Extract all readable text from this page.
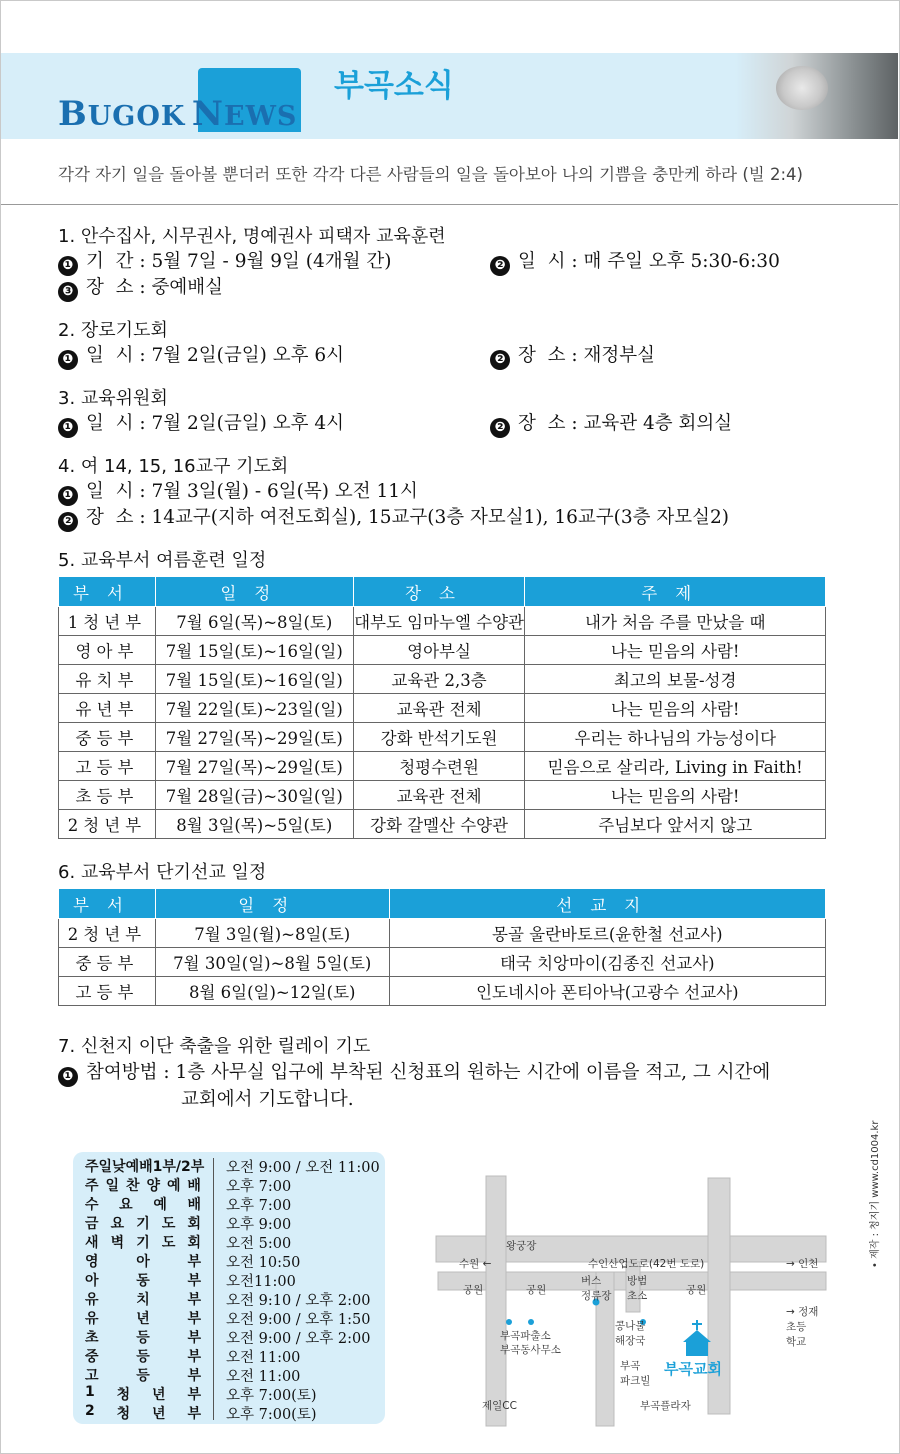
BUGOK NEWS
부곡소식
각각 자기 일을 돌아볼 뿐더러 또한 각각 다른 사람들의 일을 돌아보아 나의 기쁨을 충만케 하라 (빌 2:4)
1. 안수집사, 시무권사, 명예권사 피택자 교육훈련
❶ 기  간 : 5월 7일 - 9월 9일 (4개월 간)	❷ 일  시 : 매 주일 오후 5:30-6:30
❸ 장  소 : 중예배실
2. 장로기도회
❶ 일  시 : 7월 2일(금일) 오후 6시	❷ 장  소 : 재정부실
3. 교육위원회
❶ 일  시 : 7월 2일(금일) 오후 4시	❷ 장  소 : 교육관 4층 회의실
4. 여 14, 15, 16교구 기도회
❶ 일  시 : 7월 3일(월) - 6일(목) 오전 11시
❷ 장  소 : 14교구(지하 여전도회실), 15교구(3층 자모실1), 16교구(3층 자모실2)
5. 교육부서 여름훈련 일정
부서	일정	장소	주제
1청년부	7월 6일(목)~8일(토)	대부도 임마누엘 수양관	내가 처음 주를 만났을 때
영아부	7월 15일(토)~16일(일)	영아부실	나는 믿음의 사람!
유치부	7월 15일(토)~16일(일)	교육관 2,3층	최고의 보물-성경
유년부	7월 22일(토)~23일(일)	교육관 전체	나는 믿음의 사람!
중등부	7월 27일(목)~29일(토)	강화 반석기도원	우리는 하나님의 가능성이다
고등부	7월 27일(목)~29일(토)	청평수련원	믿음으로 살리라, Living in Faith!
초등부	7월 28일(금)~30일(일)	교육관 전체	나는 믿음의 사람!
2청년부	8월 3일(목)~5일(토)	강화 갈멜산 수양관	주님보다 앞서지 않고
6. 교육부서 단기선교 일정
부서	일정	선교지
2청년부	7월 3일(월)~8일(토)	몽골 울란바토르(윤한철 선교사)
중등부	7월 30일(일)~8월 5일(토)	태국 치앙마이(김종진 선교사)
고등부	8월 6일(일)~12일(토)	인도네시아 폰티아낙(고광수 선교사)
7. 신천지 이단 축출을 위한 릴레이 기도
❶ 참여방법 : 1층 사무실 입구에 부착된 신청표의 원하는 시간에 이름을 적고, 그 시간에
교회에서 기도합니다.
주일낮예배1부/2부 오전 9:00 / 오전 11:00
주 일 찬 양 예 배 오후 7:00
수 요 예 배 오후 7:00
금 요 기 도 회 오후 9:00
새 벽 기 도 회 오전 5:00
영	아	부 오전 10:50
아	동	부 오전11:00
유	치	부 오전 9:10 / 오후 2:00
유	년	부 오전 9:00 / 오후 1:50
초	등	부 오전 9:00 / 오후 2:00
중	등	부 오전 11:00
고	등	부 오전 11:00
1 청 년 부 오후 7:00(토)
2 청 년 부 오후 7:00(토)
왕궁장
수원 ←	수인산업도로(42번 도로)	→ 인천
공원	공원
버스
정류장
방범
초소	공원
→ 정재
초등
학교
부곡파출소
부곡동사무소
콩나물
해장국
부곡교회
부곡
파크빌
제일CC	부곡플라자
• 제작 : 청지기 www.cd1004.kr
